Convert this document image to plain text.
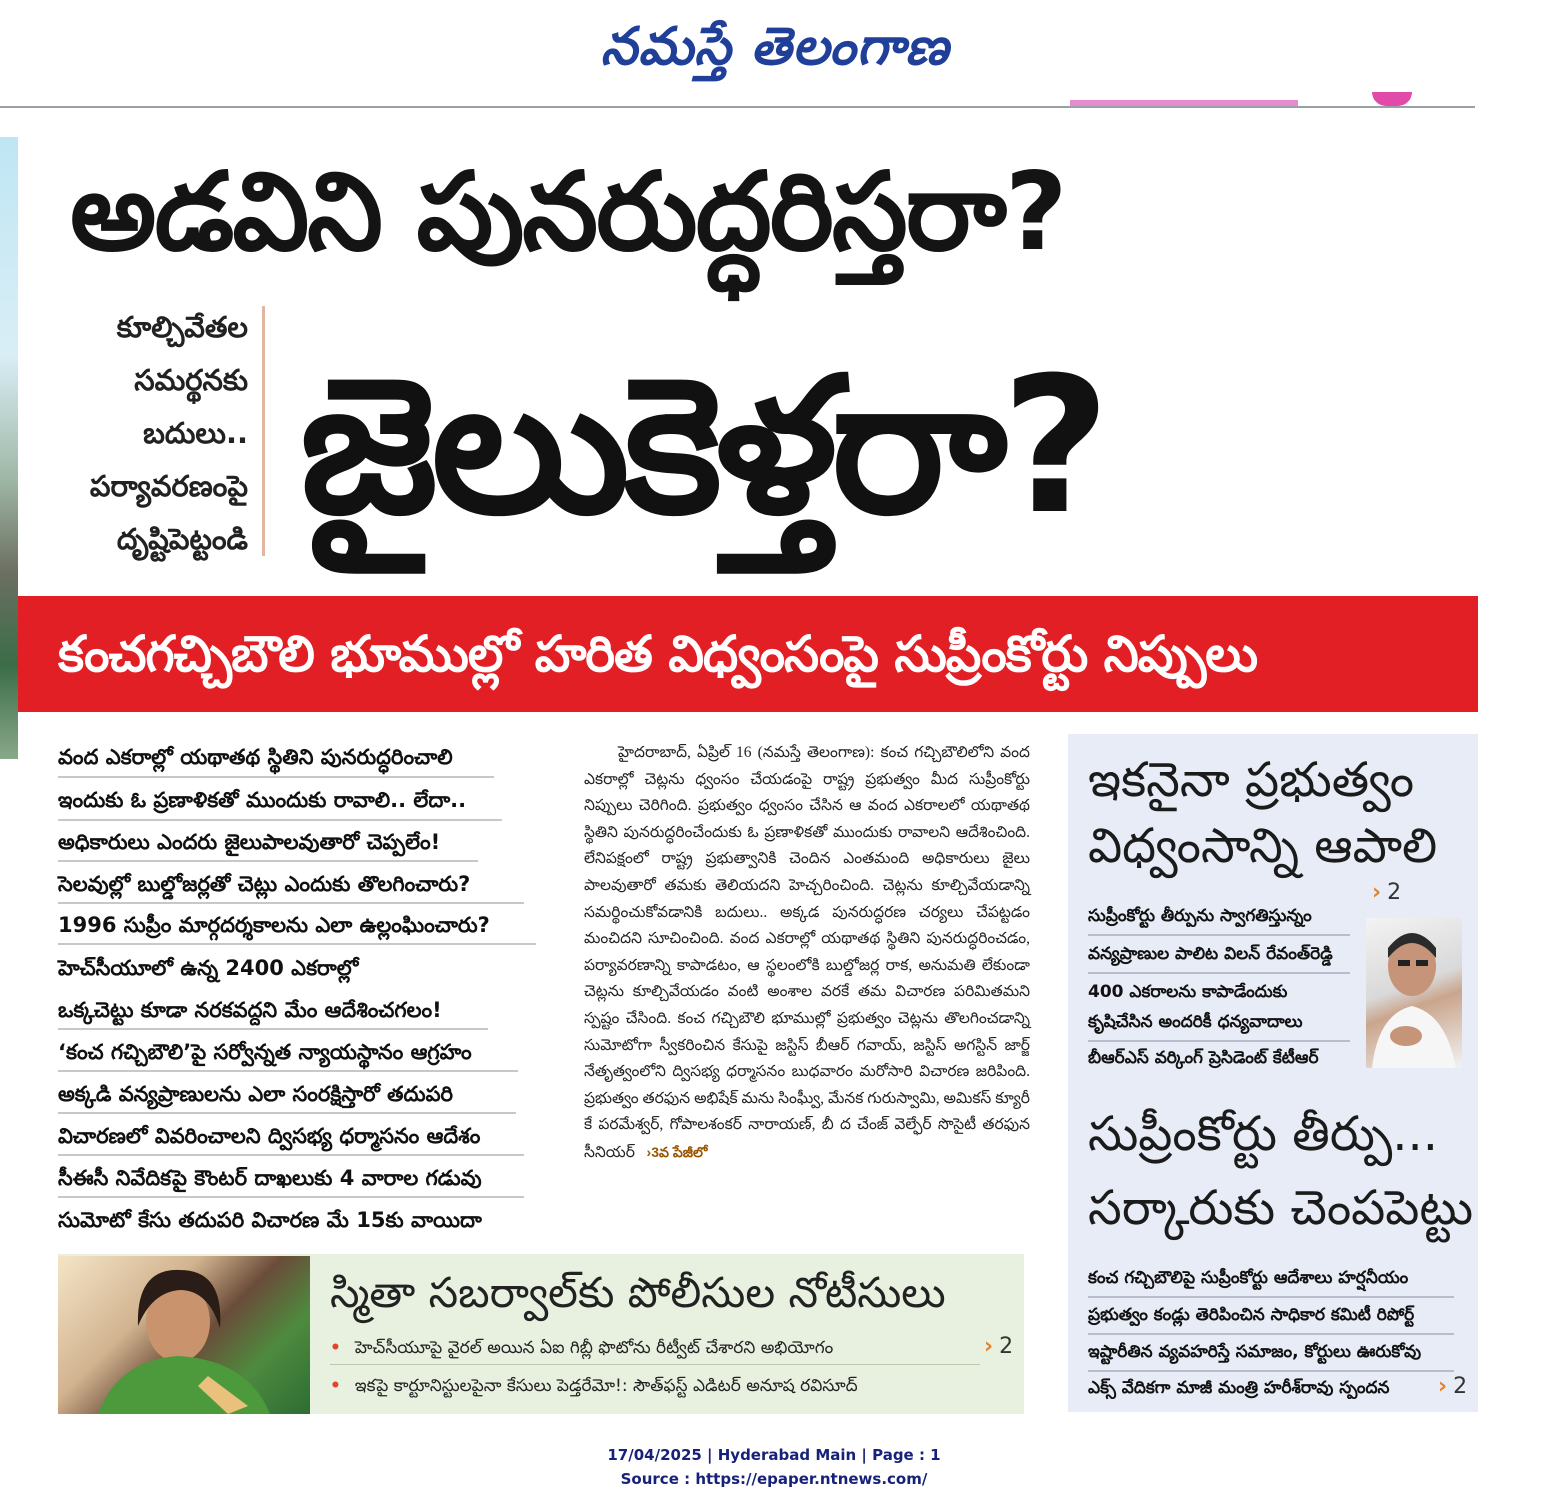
నమస్తే తెలంగాణ
అడవిని పునరుద్ధరిస్తరా?
కూల్చివేతల
సమర్థనకు
బదులు..
పర్యావరణంపై
దృష్టిపెట్టండి జైలుకెళ్తరా?
కంచగచ్చిబౌలి భూముల్లో హరిత విధ్వంసంపై సుప్రీంకోర్టు నిప్పులు
వంద ఎకరాల్లో యథాతథ స్థితిని పునరుద్ధరించాలి
ఇందుకు ఓ ప్రణాళికతో ముందుకు రావాలి.. లేదా..
అధికారులు ఎందరు జైలుపాలవుతారో చెప్పలేం!
సెలవుల్లో బుల్డోజర్లతో చెట్లు ఎందుకు తొలగించారు?
1996 సుప్రీం మార్గదర్శకాలను ఎలా ఉల్లంఘించారు?
హెచ్‌సీయూలో ఉన్న 2400 ఎకరాల్లో
ఒక్కచెట్టు కూడా నరకవద్దని మేం ఆదేశించగలం!
‘కంచ గచ్చిబౌలి’పై సర్వోన్నత న్యాయస్థానం ఆగ్రహం
అక్కడి వన్యప్రాణులను ఎలా సంరక్షిస్తారో తదుపరి
విచారణలో వివరించాలని ద్విసభ్య ధర్మాసనం ఆదేశం
సీఈసీ నివేదికపై కౌంటర్ దాఖలుకు 4 వారాల గడువు
సుమోటో కేసు తదుపరి విచారణ మే 15కు వాయిదా

హైదరాబాద్, ఏప్రిల్ 16 (నమస్తే తెలంగాణ): కంచ గచ్చిబౌలిలోని వంద ఎకరాల్లో చెట్లను ధ్వంసం చేయడంపై రాష్ట్ర ప్రభుత్వం మీద సుప్రీంకోర్టు నిప్పులు చెరిగింది. ప్రభుత్వం ధ్వంసం చేసిన ఆ వంద ఎకరాలలో యథాతథ స్థితిని పునరుద్ధరించేందుకు ఓ ప్రణాళికతో ముందుకు రావాలని ఆదేశించింది. లేనిపక్షంలో రాష్ట్ర ప్రభుత్వానికి చెందిన ఎంతమంది అధికారులు జైలు పాలవుతారో తమకు తెలియదని హెచ్చరించింది. చెట్లను కూల్చివేయడాన్ని సమర్థించుకోవడానికి బదులు.. అక్కడ పునరుద్ధరణ చర్యలు చేపట్టడం మంచిదని సూచించింది. వంద ఎకరాల్లో యథాతథ స్థితిని పునరుద్ధరించడం, పర్యావరణాన్ని కాపాడటం, ఆ స్థలంలోకి బుల్డోజర్ల రాక, అనుమతి లేకుండా చెట్లను కూల్చివేయడం వంటి అంశాల వరకే తమ విచారణ పరిమితమని స్పష్టం చేసింది. కంచ గచ్చిబౌలి భూముల్లో ప్రభుత్వం చెట్లను తొలగించడాన్ని సుమోటోగా స్వీకరించిన కేసుపై జస్టిస్ బీఆర్ గవాయ్, జస్టిస్ అగస్టిన్ జార్జ్ నేతృత్వంలోని ద్విసభ్య ధర్మాసనం బుధవారం మరోసారి విచారణ జరిపింది. ప్రభుత్వం తరఫున అభిషేక్ మను సింఘ్వీ, మేనక గురుస్వామి, అమికస్ క్యూరీ కే పరమేశ్వర్, గోపాలశంకర్ నారాయణ్, బీ ద చేంజ్ వెల్ఫేర్ సొసైటీ తరఫున సీనియర్ ›3వ పేజీలో

ఇకనైనా ప్రభుత్వం
విధ్వంసాన్ని ఆపాలి
› 2
సుప్రీంకోర్టు తీర్పును స్వాగతిస్తున్నం
వన్యప్రాణుల పాలిట విలన్ రేవంత్‌రెడ్డి
400 ఎకరాలను కాపాడేందుకు
కృషిచేసిన అందరికీ ధన్యవాదాలు
బీఆర్‌ఎస్ వర్కింగ్ ప్రెసిడెంట్ కేటీఆర్
సుప్రీంకోర్టు తీర్పు...
సర్కారుకు చెంపపెట్టు
కంచ గచ్చిబౌలిపై సుప్రీంకోర్టు ఆదేశాలు హర్షనీయం
ప్రభుత్వం కండ్లు తెరిపించిన సాధికార కమిటీ రిపోర్ట్
ఇష్టారీతిన వ్యవహరిస్తే సమాజం, కోర్టులు ఊరుకోవు
ఎక్స్ వేదికగా మాజీ మంత్రి హరీశ్‌రావు స్పందన › 2
స్మితా సబర్వాల్‌కు పోలీసుల నోటీసులు
• హెచ్‌సీయూపై వైరల్ అయిన ఏఐ గిబ్లీ ఫొటోను రీట్వీట్ చేశారని అభియోగం	› 2
• ఇకపై కార్టూనిస్టులపైనా కేసులు పెడ్తరేమో!: సౌత్‌ఫస్ట్ ఎడిటర్ అనూష రవిసూద్
17/04/2025 | Hyderabad Main | Page : 1
Source : https://epaper.ntnews.com/
